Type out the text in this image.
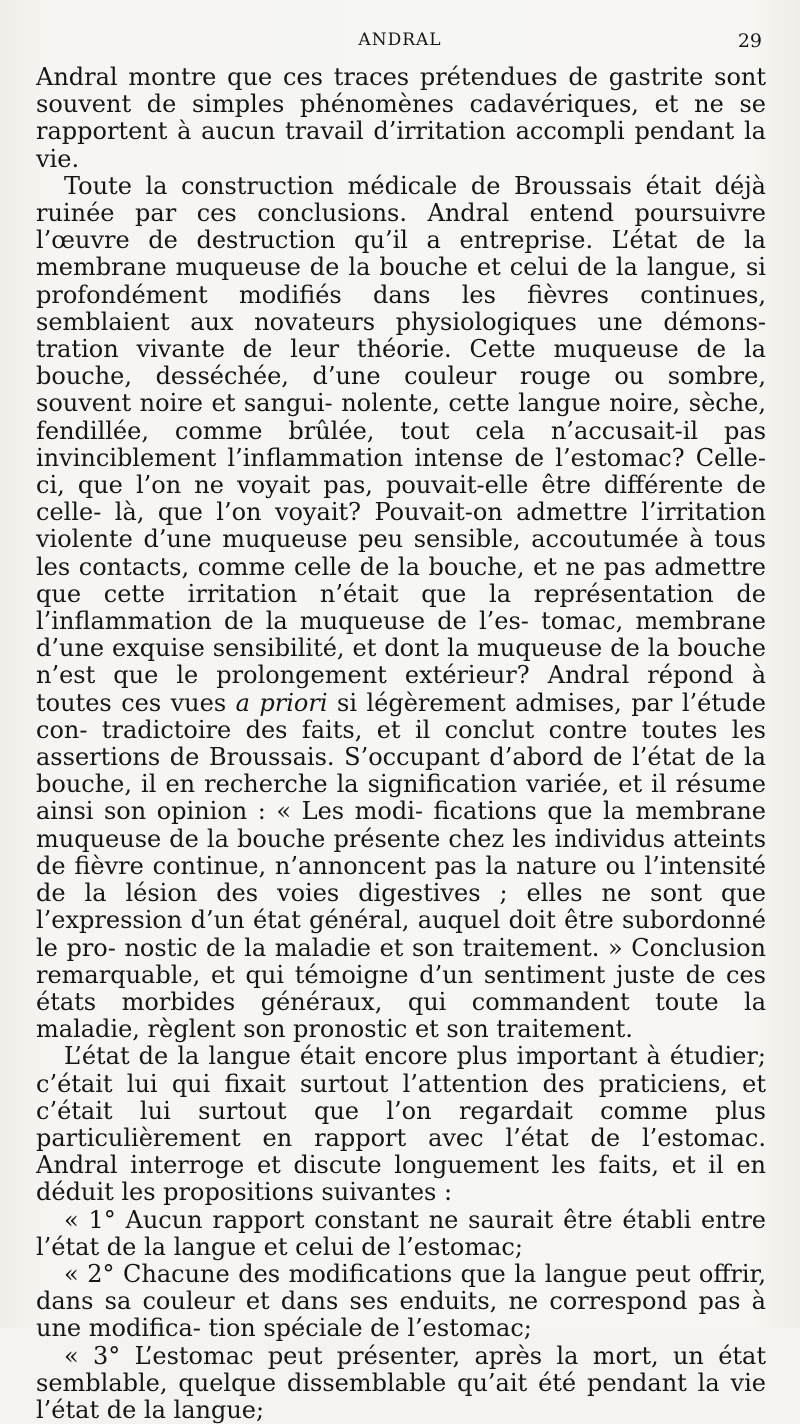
ANDRAL	29

Andral montre que ces traces prétendues de gastrite sont souvent de simples phénomènes cadavériques, et ne se rapportent à aucun travail d’irritation accompli pendant la vie.

Toute la construction médicale de Broussais était déjà ruinée par ces conclusions. Andral entend poursuivre l’œuvre de destruction qu’il a entreprise. L’état de la membrane muqueuse de la bouche et celui de la langue, si profondément modifiés dans les fièvres continues, semblaient aux novateurs physiologiques une démons- tration vivante de leur théorie. Cette muqueuse de la bouche, desséchée, d’une couleur rouge ou sombre, souvent noire et sangui- nolente, cette langue noire, sèche, fendillée, comme brûlée, tout cela n’accusait-il pas invinciblement l’inflammation intense de l’estomac? Celle-ci, que l’on ne voyait pas, pouvait-elle être différente de celle- là, que l’on voyait? Pouvait-on admettre l’irritation violente d’une muqueuse peu sensible, accoutumée à tous les contacts, comme celle de la bouche, et ne pas admettre que cette irritation n’était que la représentation de l’inflammation de la muqueuse de l’es- tomac, membrane d’une exquise sensibilité, et dont la muqueuse de la bouche n’est que le prolongement extérieur? Andral répond à toutes ces vues a priori si légèrement admises, par l’étude con- tradictoire des faits, et il conclut contre toutes les assertions de Broussais. S’occupant d’abord de l’état de la bouche, il en recherche la signification variée, et il résume ainsi son opinion : « Les modi- fications que la membrane muqueuse de la bouche présente chez les individus atteints de fièvre continue, n’annoncent pas la nature ou l’intensité de la lésion des voies digestives ; elles ne sont que l’expression d’un état général, auquel doit être subordonné le pro- nostic de la maladie et son traitement. » Conclusion remarquable, et qui témoigne d’un sentiment juste de ces états morbides généraux, qui commandent toute la maladie, règlent son pronostic et son traitement.

L’état de la langue était encore plus important à étudier; c’était lui qui fixait surtout l’attention des praticiens, et c’était lui surtout que l’on regardait comme plus particulièrement en rapport avec l’état de l’estomac. Andral interroge et discute longuement les faits, et il en déduit les propositions suivantes :

« 1° Aucun rapport constant ne saurait être établi entre l’état de la langue et celui de l’estomac;

« 2° Chacune des modifications que la langue peut offrir, dans sa couleur et dans ses enduits, ne correspond pas à une modifica- tion spéciale de l’estomac;

« 3° L’estomac peut présenter, après la mort, un état semblable, quelque dissemblable qu’ait été pendant la vie l’état de la langue;
